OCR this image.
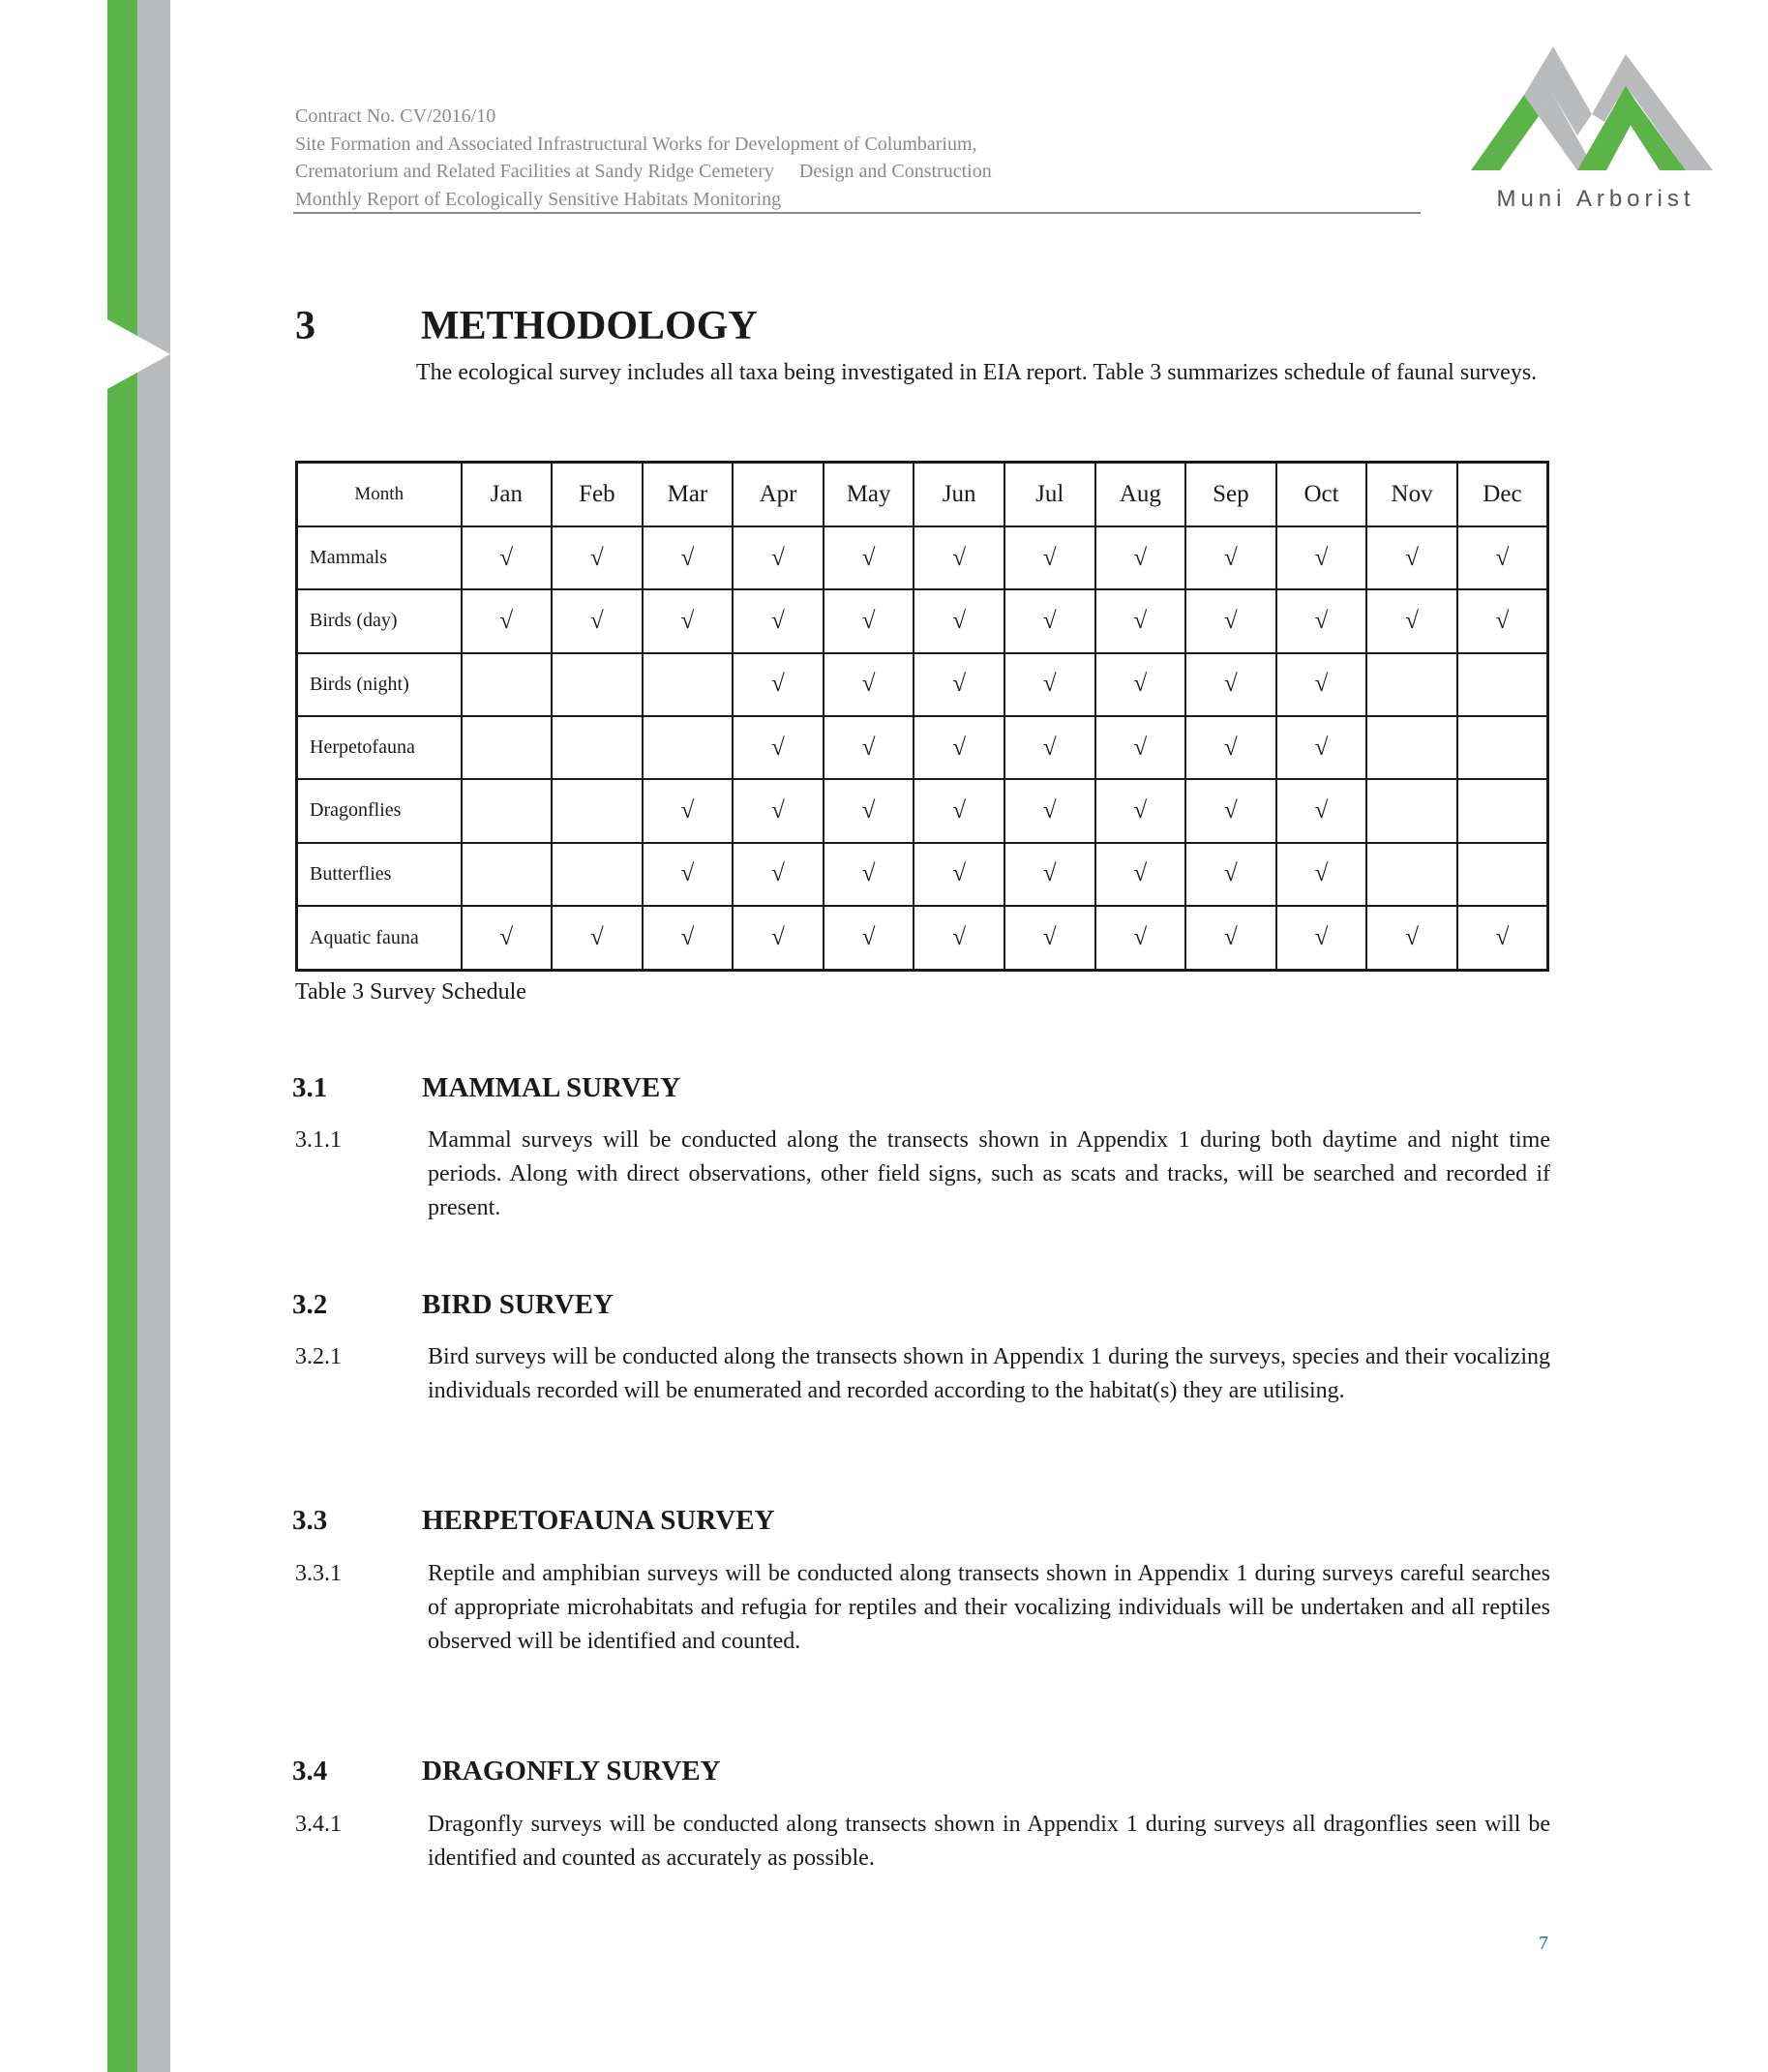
Contract No. CV/2016/10
Site Formation and Associated Infrastructural Works for Development of Columbarium,
Crematorium and Related Facilities at Sandy Ridge Cemetery Design and Construction
Monthly Report of Ecologically Sensitive Habitats Monitoring	Muni Arborist
3	METHODOLOGY
The ecological survey includes all taxa being investigated in EIA report. Table 3 summarizes schedule of faunal surveys.
Month	Jan	Feb	Mar	Apr	May	Jun	Jul	Aug	Sep	Oct	Nov	Dec
Mammals	√	√	√	√	√	√	√	√	√	√	√	√
Birds (day)	√	√	√	√	√	√	√	√	√	√	√	√
Birds (night)				√	√	√	√	√	√	√		
Herpetofauna				√	√	√	√	√	√	√		
Dragonflies			√	√	√	√	√	√	√	√		
Butterflies			√	√	√	√	√	√	√	√		
Aquatic fauna	√	√	√	√	√	√	√	√	√	√	√	√
Table 3 Survey Schedule
3.1	MAMMAL SURVEY
3.1.1	Mammal surveys will be conducted along the transects shown in Appendix 1 during both daytime and night time periods. Along with direct observations, other field signs, such as scats and tracks, will be searched and recorded if present.
3.2	BIRD SURVEY
3.2.1	Bird surveys will be conducted along the transects shown in Appendix 1 during the surveys, species and their vocalizing individuals recorded will be enumerated and recorded according to the habitat(s) they are utilising.
3.3	HERPETOFAUNA SURVEY
3.3.1	Reptile and amphibian surveys will be conducted along transects shown in Appendix 1 during surveys careful searches of appropriate microhabitats and refugia for reptiles and their vocalizing individuals will be undertaken and all reptiles observed will be identified and counted.
3.4	DRAGONFLY SURVEY
3.4.1	Dragonfly surveys will be conducted along transects shown in Appendix 1 during surveys all dragonflies seen will be identified and counted as accurately as possible.
7
